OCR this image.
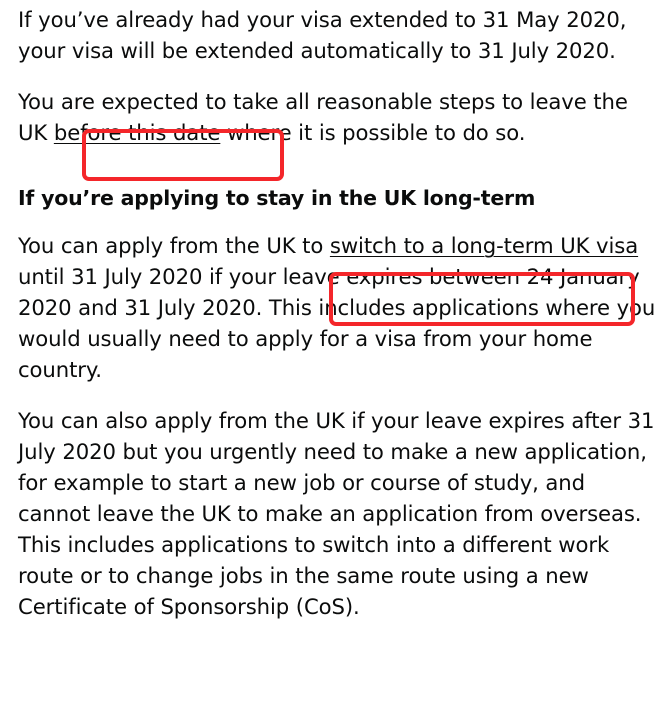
If you’ve already had your visa extended to 31 May 2020, your visa will be extended automatically to 31 July 2020.

You are expected to take all reasonable steps to leave the UK before this date where it is possible to do so.

If you’re applying to stay in the UK long-term

You can apply from the UK to switch to a long-term UK visa until 31 July 2020 if your leave expires between 24 January 2020 and 31 July 2020. This includes applications where you would usually need to apply for a visa from your home country.

You can also apply from the UK if your leave expires after 31 July 2020 but you urgently need to make a new application, for example to start a new job or course of study, and cannot leave the UK to make an application from overseas. This includes applications to switch into a different work route or to change jobs in the same route using a new Certificate of Sponsorship (CoS).
